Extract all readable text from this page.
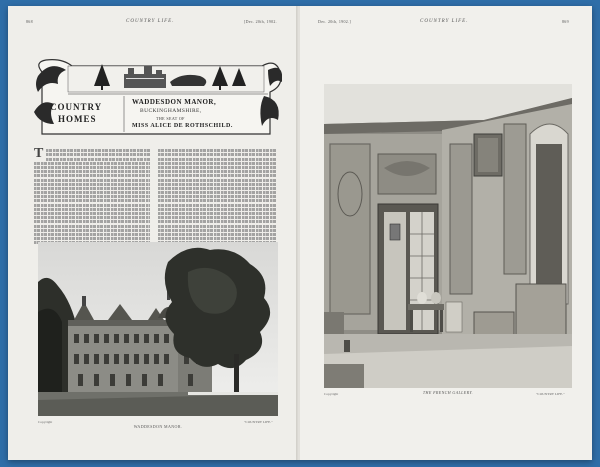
868	COUNTRY LIFE.	[Dec. 20th, 1902.
COUNTRY
HOMES
WADDESDON MANOR,
BUCKINGHAMSHIRE,
THE SEAT OF
MISS ALICE DE ROTHSCHILD.
T
Copyright	"COUNTRY LIFE."
WADDESDON MANOR.
Dec. 20th, 1902.]	COUNTRY LIFE.	869
Copyright	"COUNTRY LIFE."
THE FRENCH GALLERY.
